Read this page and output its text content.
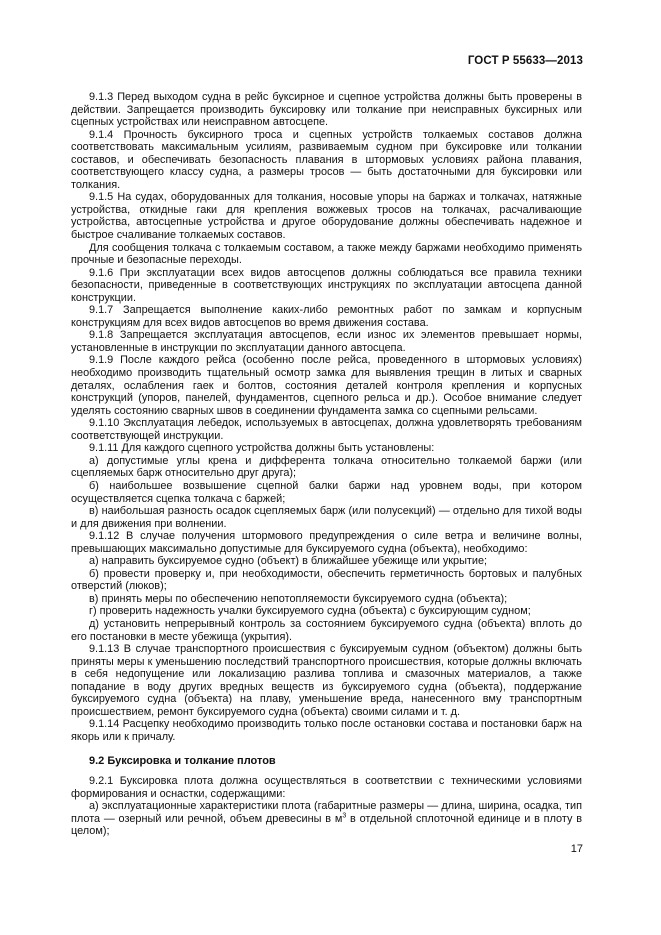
ГОСТ Р 55633—2013

9.1.3 Перед выходом судна в рейс буксирное и сцепное устройства должны быть проверены в действии. Запрещается производить буксировку или толкание при неисправных буксирных или сцепных устройствах или неисправном автосцепе.

9.1.4 Прочность буксирного троса и сцепных устройств толкаемых составов должна соответствовать максимальным усилиям, развиваемым судном при буксировке или толкании составов, и обеспечивать безопасность плавания в штормовых условиях района плавания, соответствующего классу судна, а размеры тросов — быть достаточными для буксировки или толкания.

9.1.5 На судах, оборудованных для толкания, носовые упоры на баржах и толкачах, натяжные устройства, откидные гаки для крепления вожжевых тросов на толкачах, расчаливающие устройства, автосцепные устройства и другое оборудование должны обеспечивать надежное и быстрое счаливание толкаемых составов.

Для сообщения толкача с толкаемым составом, а также между баржами необходимо применять прочные и безопасные переходы.

9.1.6 При эксплуатации всех видов автосцепов должны соблюдаться все правила техники безопасности, приведенные в соответствующих инструкциях по эксплуатации автосцепа данной конструкции.

9.1.7 Запрещается выполнение каких-либо ремонтных работ по замкам и корпусным конструкциям для всех видов автосцепов во время движения состава.

9.1.8 Запрещается эксплуатация автосцепов, если износ их элементов превышает нормы, установленные в инструкции по эксплуатации данного автосцепа.

9.1.9 После каждого рейса (особенно после рейса, проведенного в штормовых условиях) необходимо производить тщательный осмотр замка для выявления трещин в литых и сварных деталях, ослабления гаек и болтов, состояния деталей контроля крепления и корпусных конструкций (упоров, панелей, фундаментов, сцепного рельса и др.). Особое внимание следует уделять состоянию сварных швов в соединении фундамента замка со сцепными рельсами.

9.1.10 Эксплуатация лебедок, используемых в автосцепах, должна удовлетворять требованиям соответствующей инструкции.

9.1.11 Для каждого сцепного устройства должны быть установлены:

а) допустимые углы крена и дифферента толкача относительно толкаемой баржи (или сцепляемых барж относительно друг друга);

б) наибольшее возвышение сцепной балки баржи над уровнем воды, при котором осуществляется сцепка толкача с баржей;

в) наибольшая разность осадок сцепляемых барж (или полусекций) — отдельно для тихой воды и для движения при волнении.

9.1.12 В случае получения штормового предупреждения о силе ветра и величине волны, превышающих максимально допустимые для буксируемого судна (объекта), необходимо:

а) направить буксируемое судно (объект) в ближайшее убежище или укрытие;

б) провести проверку и, при необходимости, обеспечить герметичность бортовых и палубных отверстий (люков);

в) принять меры по обеспечению непотопляемости буксируемого судна (объекта);

г) проверить надежность учалки буксируемого судна (объекта) с буксирующим судном;

д) установить непрерывный контроль за состоянием буксируемого судна (объекта) вплоть до его постановки в месте убежища (укрытия).

9.1.13 В случае транспортного происшествия с буксируемым судном (объектом) должны быть приняты меры к уменьшению последствий транспортного происшествия, которые должны включать в себя недопущение или локализацию разлива топлива и смазочных материалов, а также попадание в воду других вредных веществ из буксируемого судна (объекта), поддержание буксируемого судна (объекта) на плаву, уменьшение вреда, нанесенного вму транспортным происшествием, ремонт буксируемого судна (объекта) своими силами и т. д.

9.1.14 Расцепку необходимо производить только после остановки состава и постановки барж на якорь или к причалу.

9.2 Буксировка и толкание плотов

9.2.1 Буксировка плота должна осуществляться в соответствии с техническими условиями формирования и оснастки, содержащими:

а) эксплуатационные характеристики плота (габаритные размеры — длина, ширина, осадка, тип плота — озерный или речной, объем древесины в $м^3$ в отдельной сплоточной единице и в плоту в целом);

17
